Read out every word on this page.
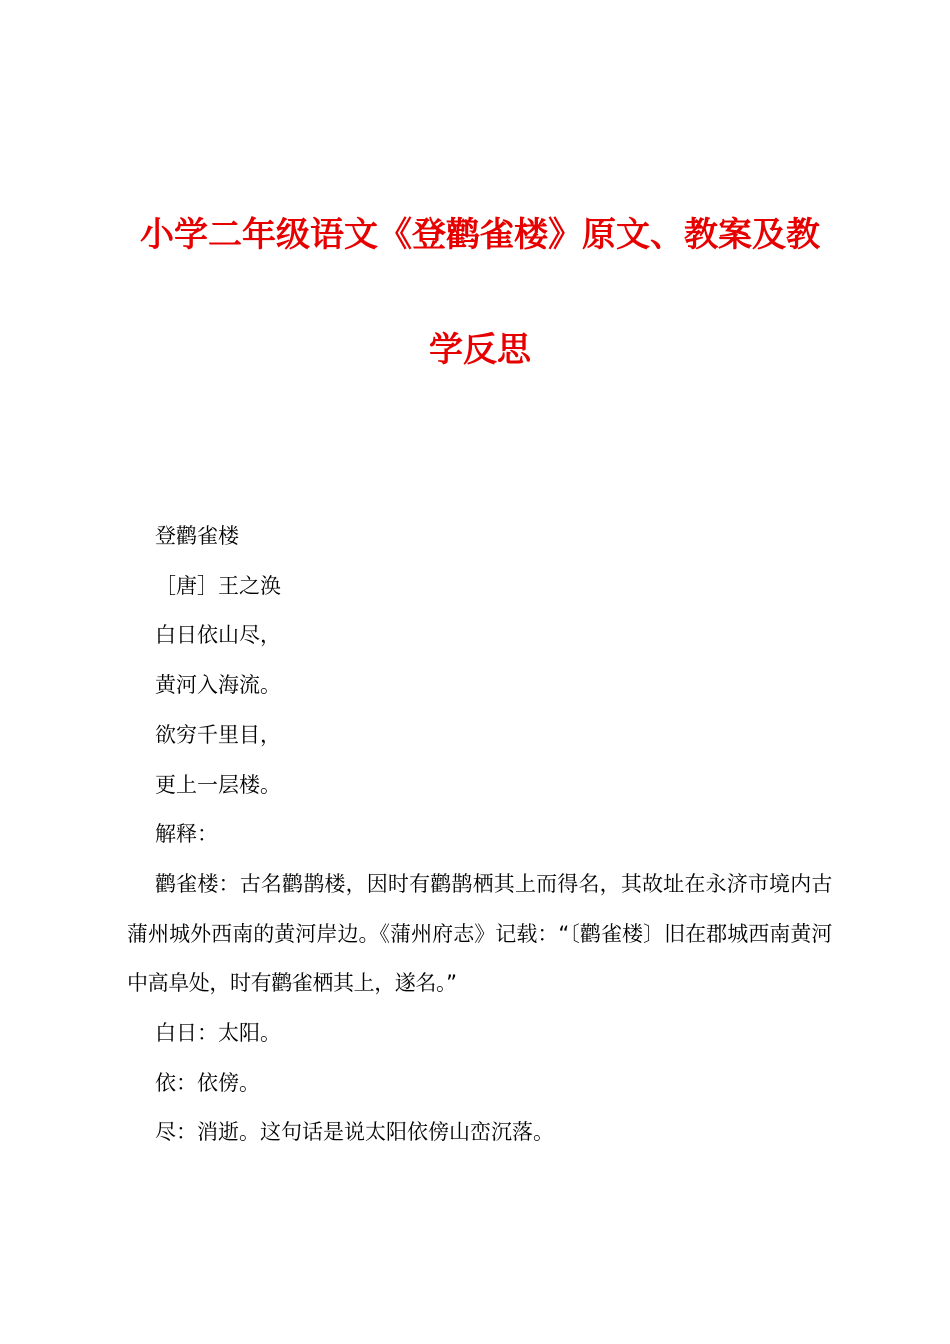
小学二年级语文《登鹳雀楼》原文、教案及教
学反思

登鹳雀楼

［唐］王之涣

白日依山尽，

黄河入海流。

欲穷千里目，

更上一层楼。

解释：

鹳雀楼：古名鹳鹊楼，因时有鹳鹊栖其上而得名，其故址在永济市境内古蒲州城外西南的黄河岸边。《蒲州府志》记载：“〔鹳雀楼〕旧在郡城西南黄河中高阜处，时有鹳雀栖其上，遂名。”

白日：太阳。

依：依傍。

尽：消逝。这句话是说太阳依傍山峦沉落。
